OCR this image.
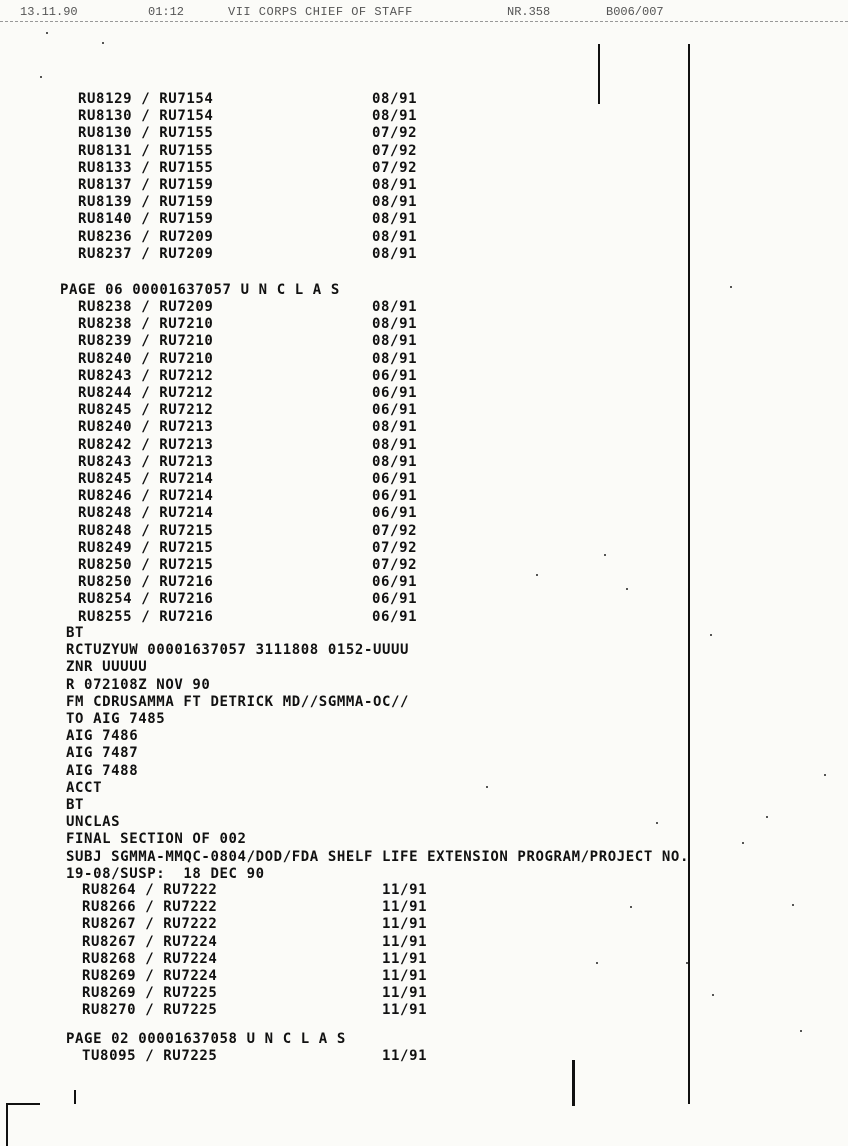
13.11.90	01:12	VII CORPS CHIEF OF STAFF	NR.358	B006/007
RU8129 / RU7154	08/91
RU8130 / RU7154	08/91
RU8130 / RU7155	07/92
RU8131 / RU7155	07/92
RU8133 / RU7155	07/92
RU8137 / RU7159	08/91
RU8139 / RU7159	08/91
RU8140 / RU7159	08/91
RU8236 / RU7209	08/91
RU8237 / RU7209	08/91
PAGE 06 00001637057 U N C L A S
RU8238 / RU7209	08/91
RU8238 / RU7210	08/91
RU8239 / RU7210	08/91
RU8240 / RU7210	08/91
RU8243 / RU7212	06/91
RU8244 / RU7212	06/91
RU8245 / RU7212	06/91
RU8240 / RU7213	08/91
RU8242 / RU7213	08/91
RU8243 / RU7213	08/91
RU8245 / RU7214	06/91
RU8246 / RU7214	06/91
RU8248 / RU7214	06/91
RU8248 / RU7215	07/92
RU8249 / RU7215	07/92
RU8250 / RU7215	07/92
RU8250 / RU7216	06/91
RU8254 / RU7216	06/91
RU8255 / RU7216	06/91
BT
RCTUZYUW 00001637057 3111808 0152-UUUU
ZNR UUUUU
R 072108Z NOV 90
FM CDRUSAMMA FT DETRICK MD//SGMMA-OC//
TO AIG 7485
AIG 7486
AIG 7487
AIG 7488
ACCT
BT
UNCLAS
FINAL SECTION OF 002
SUBJ SGMMA-MMQC-0804/DOD/FDA SHELF LIFE EXTENSION PROGRAM/PROJECT NO.
19-08/SUSP:  18 DEC 90
RU8264 / RU7222	11/91
RU8266 / RU7222	11/91
RU8267 / RU7222	11/91
RU8267 / RU7224	11/91
RU8268 / RU7224	11/91
RU8269 / RU7224	11/91
RU8269 / RU7225	11/91
RU8270 / RU7225	11/91
PAGE 02 00001637058 U N C L A S
TU8095 / RU7225	11/91
